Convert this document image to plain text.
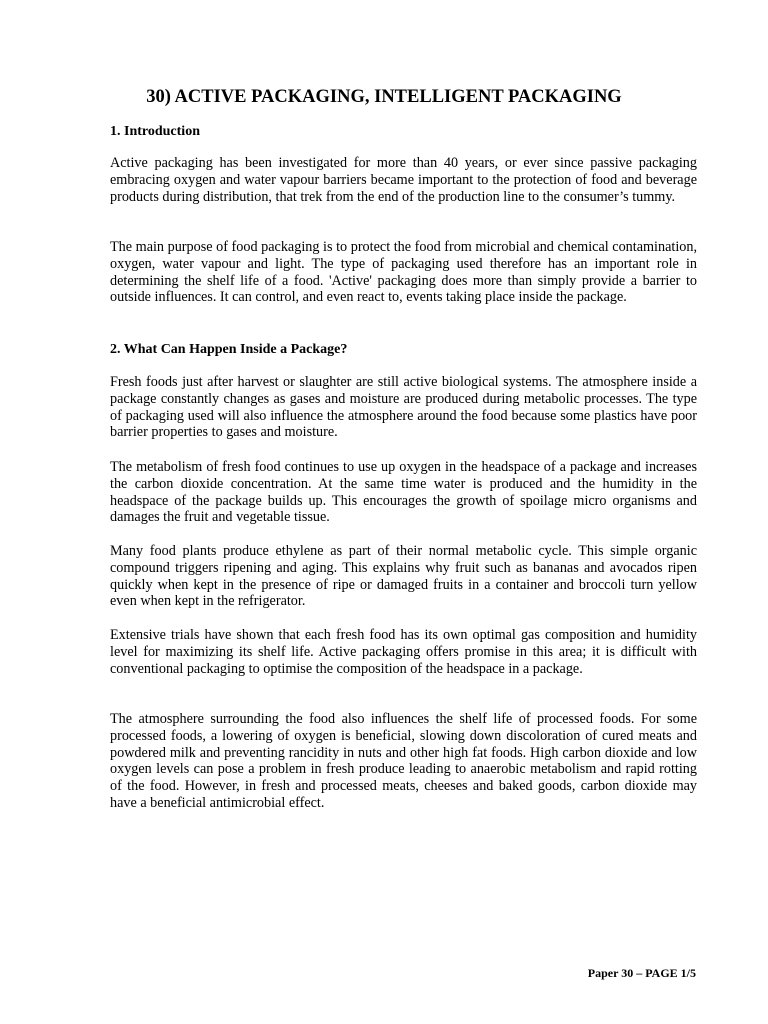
30) ACTIVE PACKAGING, INTELLIGENT PACKAGING
1. Introduction

Active packaging has been investigated for more than 40 years, or ever since passive packaging embracing oxygen and water vapour barriers became important to the protection of food and beverage products during distribution, that trek from the end of the production line to the consumer’s tummy.

The main purpose of food packaging is to protect the food from microbial and chemical contamination, oxygen, water vapour and light. The type of packaging used therefore has an important role in determining the shelf life of a food. 'Active' packaging does more than simply provide a barrier to outside influences. It can control, and even react to, events taking place inside the package.

2. What Can Happen Inside a Package?

Fresh foods just after harvest or slaughter are still active biological systems. The atmosphere inside a package constantly changes as gases and moisture are produced during metabolic processes. The type of packaging used will also influence the atmosphere around the food because some plastics have poor barrier properties to gases and moisture.

The metabolism of fresh food continues to use up oxygen in the headspace of a package and increases the carbon dioxide concentration. At the same time water is produced and the humidity in the headspace of the package builds up. This encourages the growth of spoilage micro organisms and damages the fruit and vegetable tissue.

Many food plants produce ethylene as part of their normal metabolic cycle. This simple organic compound triggers ripening and aging. This explains why fruit such as bananas and avocados ripen quickly when kept in the presence of ripe or damaged fruits in a container and broccoli turn yellow even when kept in the refrigerator.

Extensive trials have shown that each fresh food has its own optimal gas composition and humidity level for maximizing its shelf life. Active packaging offers promise in this area; it is difficult with conventional packaging to optimise the composition of the headspace in a package.

The atmosphere surrounding the food also influences the shelf life of processed foods. For some processed foods, a lowering of oxygen is beneficial, slowing down discoloration of cured meats and powdered milk and preventing rancidity in nuts and other high fat foods. High carbon dioxide and low oxygen levels can pose a problem in fresh produce leading to anaerobic metabolism and rapid rotting of the food. However, in fresh and processed meats, cheeses and baked goods, carbon dioxide may have a beneficial antimicrobial effect.

Paper 30 – PAGE 1/5
